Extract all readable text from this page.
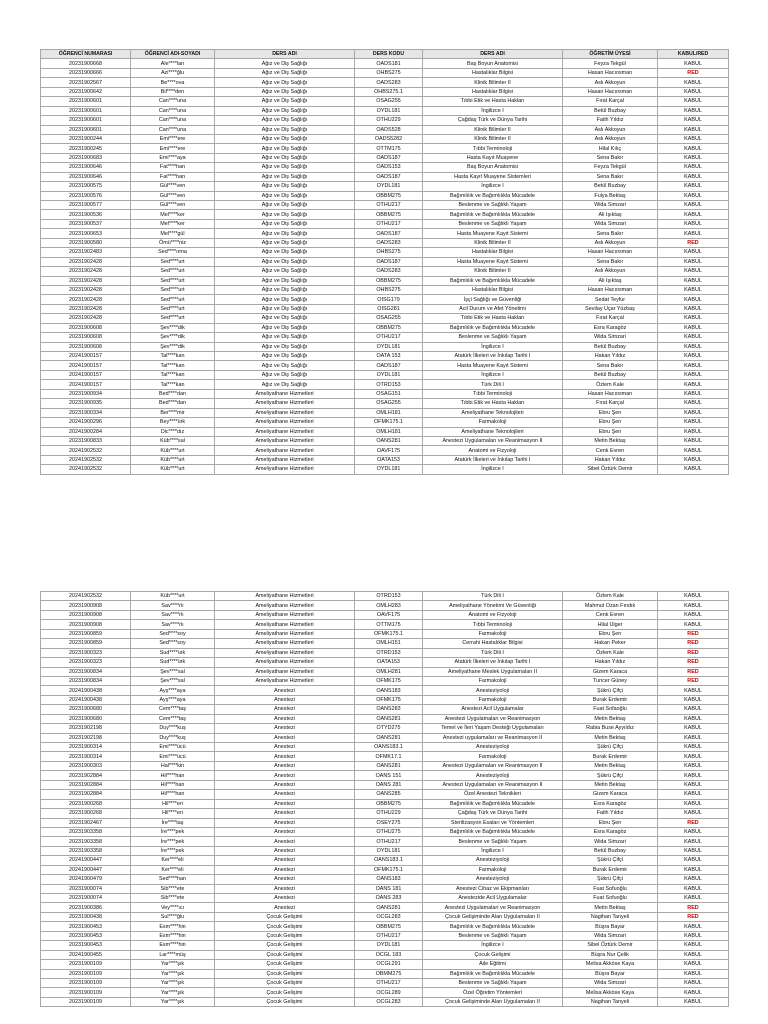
ÖĞRENCİ NUMARASI	ÖĞRENCİ ADI-SOYADI	DERS ADI	DERS KODU	DERS ADI	ÖĞRETİM ÜYESİ	KABUL/RED
20231900668	Ale****lan	Ağız ve Diş Sağlığı	OADS181	Baş Boyun Anatomisi	Feyza Tekgül	KABUL
20231900666	Azi****ğlu	Ağız ve Diş Sağlığı	OHBS275	Hastalıklar Bilgisi	Hasan Hacıosman	RED
20231902567	Be****ova	Ağız ve Diş Sağlığı	OADS283	Klinik Bilimler II	Aslı Akkoyun	KABUL
20231900642	Bil****den	Ağız ve Diş Sağlığı	OHBS275.1	Hastalıklar Bilgisi	Hasan Hacıosman	KABUL
20231900601	Can****una	Ağız ve Diş Sağlığı	OSAG255	Tıbbi Etik ve Hasta Hakları	Fırat Karçal	KABUL
20231900601	Can****una	Ağız ve Diş Sağlığı	OYDL181	İngilizce I	Betül Buzbay	KABUL
20231900601	Can****una	Ağız ve Diş Sağlığı	OTHU229	Çağdaş Türk ve Dünya Tarihi	Fatih Yıldız	KABUL
20231900601	Can****una	Ağız ve Diş Sağlığı	OADS528	Klinik Bilimler II	Aslı Akkoyun	KABUL
20231900244	Emi****ere	Ağız ve Diş Sağlığı	OADS5282	Klinik Bilimler II	Aslı Akkoyun	KABUL
20231900245	Emi****ere	Ağız ve Diş Sağlığı	OTTM175	Tıbbi Terminoloji	Hilal Kılıç	KABUL
20231900683	Emi****aya	Ağız ve Diş Sağlığı	OADS187	Hasta Kayıt Muayene	Sena Bakır	KABUL
20231900646	Fat****han	Ağız ve Diş Sağlığı	OADS153	Baş Boyun Anatomisi	Feyza Tekgül	KABUL
20231900646	Fat****han	Ağız ve Diş Sağlığı	OADS187	Hasta Kayıt Muayene Sistemleri	Sena Bakır	KABUL
20231900575	Gül****ven	Ağız ve Diş Sağlığı	OYDL181	İngilizce I	Betül Buzbay	KABUL
20231900576	Gül****ven	Ağız ve Diş Sağlığı	OBBM275	Bağımlılık ve Bağımlılıkla Mücadele	Fulya Bektaş	KABUL
20231900577	Gül****ven	Ağız ve Diş Sağlığı	OTHU217	Beslenme ve Sağlıklı Yaşam	Wida Simzari	KABUL
20231900536	Mel****ker	Ağız ve Diş Sağlığı	OBBM275	Bağımlılık ve Bağımlılıkla Mücadele	Ali Işıktaş	KABUL
20231900537	Mel****ker	Ağız ve Diş Sağlığı	OTHU217	Beslenme ve Sağlıklı Yaşam	Wida Simzari	KABUL
20231900653	Mel****gül	Ağız ve Diş Sağlığı	OADS187	Hasta Muayene Kayıt Sistemi	Sena Bakır	KABUL
20231900580	Ömü****niz	Ağız ve Diş Sağlığı	OADS283	Klinik Bilimler II	Aslı Akkoyun	RED
20231902483	Sed****ırma	Ağız ve Diş Sağlığı	OHBS275	Hastalıklar Bilgisi	Hasan Hacıosman	KABUL
20231902428	Sed****urt	Ağız ve Diş Sağlığı	OADS187	Hasta Muayene Kayıt Sistemi	Sena Bakır	KABUL
20231902428	Sed****urt	Ağız ve Diş Sağlığı	OADS283	Klinik Bilimler II	Aslı Akkoyun	KABUL
20231902428	Sed****urt	Ağız ve Diş Sağlığı	OBBM275	Bağımlılık ve Bağımlılıkla Mücadele	Ali Işıktaş	KABUL
20231902428	Sed****urt	Ağız ve Diş Sağlığı	OHBS275	Hastalıklar Bilgisi	Hasan Hacıosman	KABUL
20231902428	Sed****urt	Ağız ve Diş Sağlığı	OISG179	İşçi Sağlığı ve Güvenliği	Sedat Teyfur	KABUL
20231902428	Sed****urt	Ağız ve Diş Sağlığı	OISG281	Acil Durum ve Afet Yönetimi	Sevilay Uçar Yüzbaş	KABUL
20231902428	Sed****urt	Ağız ve Diş Sağlığı	OSAG255	Tıbbi Etik ve Hasta Hakları	Fırat Karçal	KABUL
20231900608	Şev****dik	Ağız ve Diş Sağlığı	OBBM275	Bağımlılık ve Bağımlılıkla Mücadele	Esra Karagöz	KABUL
20231900608	Şev****dik	Ağız ve Diş Sağlığı	OTHU217	Beslenme ve Sağlıklı Yaşam	Wida Simzari	KABUL
20231900608	Şev****dik	Ağız ve Diş Sağlığı	OYDL181	İngilizce I	Betül Buzbay	KABUL
20241900157	Tal****kan	Ağız ve Diş Sağlığı	OATA 153	Atatürk İlkeleri ve İnkılap Tarihi I	Hakan Yıldız	KABUL
20241900157	Tal****kan	Ağız ve Diş Sağlığı	OADS187	Hasta Muayene Kayıt Sistemi	Sena Bakır	KABUL
20241900157	Tal****kan	Ağız ve Diş Sağlığı	OYDL181	İngilizce I	Betül Buzbay	KABUL
20241900157	Tal****kan	Ağız ve Diş Sağlığı	OTRD153	Türk Dili I	Özlem Kale	KABUL
20231900934	Bed****dan	Ameliyathane Hizmetleri	OSAG151	Tıbbi Terminoloji	Hasan Hacıosman	KABUL
20231900935	Bed****dan	Ameliyathane Hizmetleri	OSAG255	Tıbbi Etik ve Hasta Hakları	Fırat Karçal	KABUL
20231900334	Ber****mir	Ameliyathane Hizmetleri	OMLH181	Ameliyathane Teknolojileri	Ebru Şen	KABUL
20241900296	Bey****ürk	Ameliyathane Hizmetleri	OFMK175.1	Farmakoloji	Ebru Şen	KABUL
20241900284	Dic****dız	Ameliyathane Hizmetleri	OMLH181	Ameliyathane Teknolojileri	Ebru Şen	KABUL
20231900833	Küb****sal	Ameliyathane Hizmetleri	OANS281	Anestezi Uygulamaları ve Reanimasyon II	Metin Bektaş	KABUL
20241902532	Küb****urt	Ameliyathane Hizmetleri	OAVF175	Anatomi ve Fizyoloji	Cenk Evren	KABUL
20241902532	Küb****urt	Ameliyathane Hizmetleri	OATA153	Atatürk İlkeleri ve İnkılap Tarihi I	Hakan Yıldız	KABUL
20241902532	Küb****urt	Ameliyathane Hizmetleri	OYDL181	İngilizce I	Sibel Öztürk Demir	KABUL
20241902532	Küb****urt	Ameliyathane Hizmetleri	OTRD153	Türk Dili I	Özlem Kale	KABUL
20231900908	Sav****rlı	Ameliyathane Hizmetleri	OMLH283	Ameliyathane Yönetimi Ve Güvenliği	Mahmut Ozan Fındık	KABUL
20231900908	Sav****rlı	Ameliyathane Hizmetleri	OAVF175	Anatomi ve Fizyoloji	Cenk Evren	KABUL
20231900908	Sav****rlı	Ameliyathane Hizmetleri	OTTM175	Tıbbi Terminoloji	Hilal Ulger	KABUL
20231900859	Sed****soy	Ameliyathane Hizmetleri	OFMK175.1	Farmakoloji	Ebru Şen	RED
20231900859	Sed****soy	Ameliyathane Hizmetleri	OMLH151	Cerrahi Hastalıklar Bilgisi	Hakan Peker	RED
20231900323	Sud****ürk	Ameliyathane Hizmetleri	OTRD153	Türk Dili I	Özlem Kale	RED
20231900323	Sud****ürk	Ameliyathane Hizmetleri	OATA153	Atatürk İlkeleri ve İnkılap Tarihi I	Hakan Yıldız	RED
20231900834	Şev****sal	Ameliyathane Hizmetleri	OMLH281	Ameliyathane Meslek Uygulamaları II	Gizem Karaca	RED
20231900834	Şev****sal	Ameliyathane Hizmetleri	OFMK175	Farmakoloji	Tuncer Güney	RED
20241900438	Ayş****aya	Anestezi	OANS183	Anesteziyoloji	Şükrü Çifçi	KABUL
20241900438	Ayş****aya	Anestezi	OFMK175	Farmakoloji	Burak Erdemir	KABUL
20231900680	Cem****taş	Anestezi	OANS283	Anestezi Acil Uygulamalar	Fuat Sofaoğlu	KABUL
20231900680	Cem****taş	Anestezi	OANS281	Anestezi Uygulamaları ve Reanimasyon	Metin Bektaş	KABUL
20231902198	Duy****kuş	Anestezi	OTYD275	Temel ve İleri Yaşam Desteği Uygulamaları	Rabia Buse Ayyıldız	KABUL
20231902198	Duy****kuş	Anestezi	OANS281	Anestezi uygulamaları ve Reanimasyon II	Metin Bektaş	KABUL
20231900314	Emi****ücü	Anestezi	OANS183.1	Anesteziyoloji	Şükrü Çifçi	KABUL
20231900314	Emi****ücü	Anestezi	OFMK17.1	Farmakoloji	Burak Erdemir	KABUL
20231900303	Hal****kin	Anestezi	OANS281	Anestezi Uygulamaları ve Reanimasyon II	Metin Bektaş	KABUL
20231902884	Hil****han	Anestezi	OANS 151	Anesteziyoloji	Şükrü Çifçi	KABUL
20231902884	Hil****han	Anestezi	OANS 281	Anestezi Uygulamaları ve Reanimasyon II	Metin Bektaş	KABUL
20231902884	Hil****han	Anestezi	OANS285	Özel Anestezi Teknikleri	Gizem Karaca	KABUL
20231900268	Hil****eri	Anestezi	OBBM275	Bağımlılık ve Bağımlılıkla Mücadele	Esra Karagöz	KABUL
20231900268	Hil****eri	Anestezi	OTHU229	Çağdaş Türk ve Dünya Tarihi	Fatih Yıldız	KABUL
20231902467	İre****taş	Anestezi	OSEY275	Sterilizasyon Esaları ve Yöntemleri	Ebru Şen	RED
20231903358	İre****pek	Anestezi	OTHU275	Bağımlılık ve Bağımlılıkla Mücadele	Esra Karagöz	KABUL
20231903358	İre****pek	Anestezi	OTHU217	Beslenme ve Sağlıklı Yaşam	Wida Simzari	KABUL
20231903358	İre****pek	Anestezi	OYDL181	İngilizce I	Betül Buzbay	KABUL
20241900447	Ker****eli	Anestezi	OANS183.1	Anesteziyoloji	Şükrü Çifçi	KABUL
20241900447	Ker****eli	Anestezi	OFMK175.1	Farmakoloji	Burak Erdemir	KABUL
20241900479	Sed****han	Anestezi	OANS183	Anesteziyoloji	Şükrü Çifçi	KABUL
20231900074	Sib****ete	Anestezi	OANS 181	Anestezi Cihaz ve Ekipmanları	Fuat Sofuoğlu	KABUL
20231900074	Sib****ete	Anestezi	OANS 283	Anestezide Acil Uygulamalar	Fuat Sofuoğlu	KABUL
20231900386	Vey****ıcı	Anestezi	OANS281	Anestezi Uygulamaları ve Reanimasyon	Metin Bektaş	RED
20231900438	Sul****ğlu	Çocuk Gelişimi	OCGL283	Çocuk Gelişiminde Alan Uygulamaları II	Nagihan Tanyeli	RED
20231900453	Esm****hin	Çocuk Gelişimi	OBBM275	Bağımlılık ve Bağımlılıkla Mücadele	Büşra Bayar	KABUL
20231900453	Esm****hin	Çocuk Gelişimi	OTHU217	Beslenme ve Sağlıklı Yaşam	Wida Simzari	KABUL
20231900453	Esm****hin	Çocuk Gelişimi	OYDL181	İngilizce I	Sibel Öztürk Demir	KABUL
20241900455	Lar****müş	Çocuk Gelişimi	OCGL 183	Çocuk Gelişimi	Büşra Nur Çelik	KABUL
20231900109	Yar****şık	Çocuk Gelişimi	OCGL291	Aile Eğitimi	Melisa Akköse Kaya	KABUL
20231900109	Yar****şık	Çocuk Gelişimi	OBMM275	Bağımlılık ve Bağımlılıkla Mücadele	Büşra Bayar	KABUL
20231900109	Yar****şık	Çocuk Gelişimi	OTHU217	Beslenme ve Sağlıklı Yaşam	Wida Simzari	KABUL
20231900109	Yar****şık	Çocuk Gelişimi	OCGL289	Özel Öğretim Yöntemleri	Melisa Akköse Kaya	KABUL
20231900109	Yar****şık	Çocuk Gelişimi	OCGL283	Çocuk Gelişiminde Alan Uygulamaları II	Nagihan Tanyeli	KABUL
